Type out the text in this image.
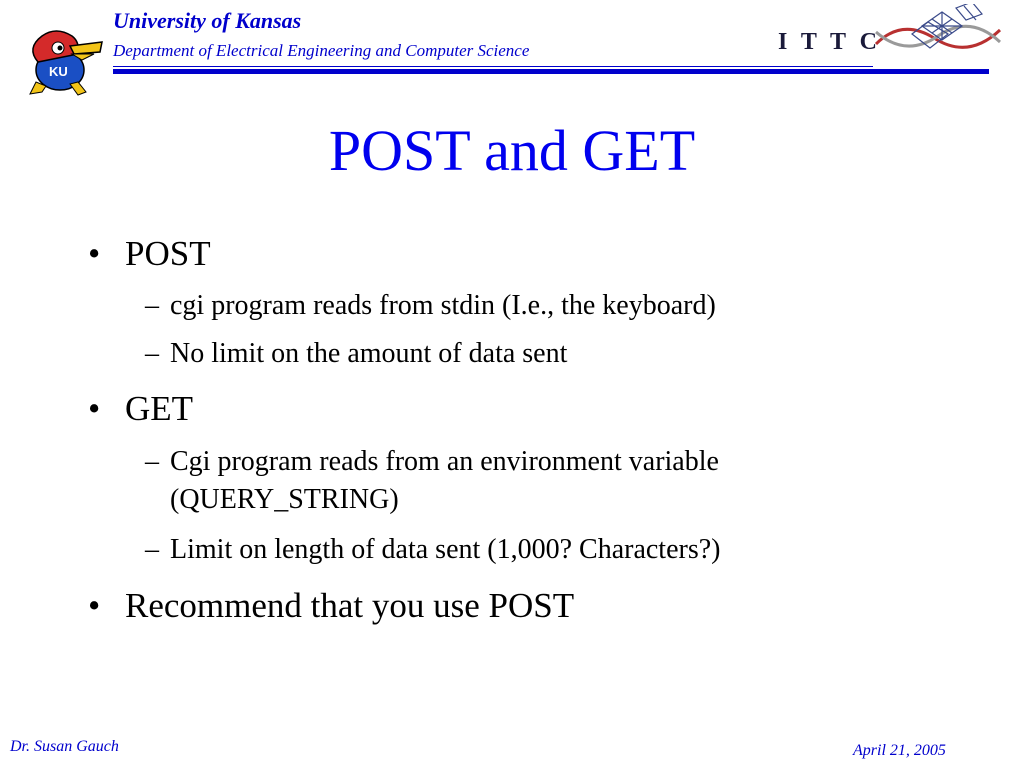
KU
University of Kansas
Department of Electrical Engineering and Computer Science	I T T C
POST and GET
• POST
– cgi program reads from stdin (I.e., the keyboard)
– No limit on the amount of data sent
• GET
– Cgi program reads from an environment variable
(QUERY_STRING)
– Limit on length of data sent (1,000? Characters?)
• Recommend that you use POST
Dr. Susan Gauch	April 21, 2005
